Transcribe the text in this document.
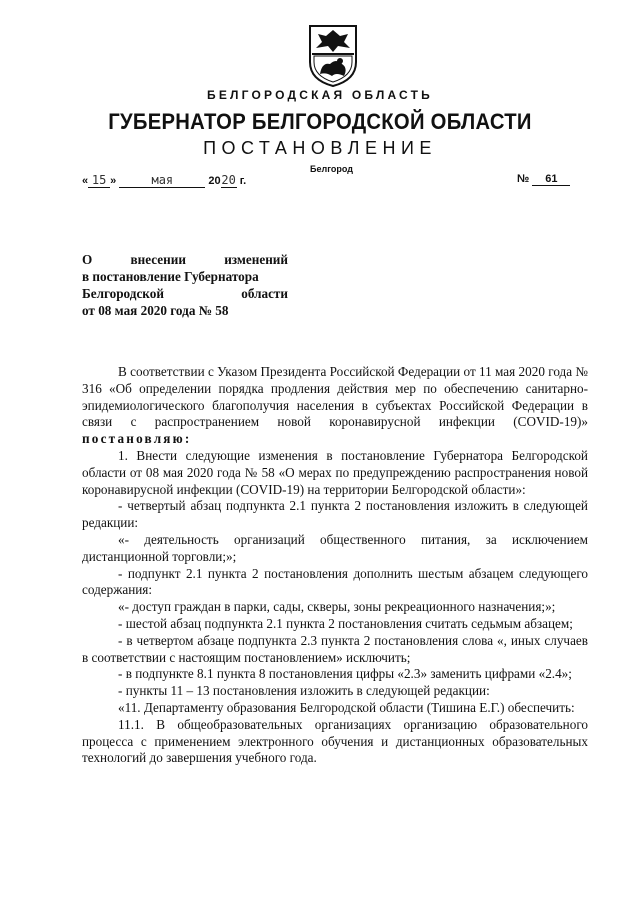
БЕЛГОРОДСКАЯ ОБЛАСТЬ
ГУБЕРНАТОР БЕЛГОРОДСКОЙ ОБЛАСТИ
ПОСТАНОВЛЕНИЕ
Белгород
« 15 »	мая	2020 г.	№ 61
О	внесении	изменений
в постановление Губернатора
Белгородской	области
от 08 мая 2020 года № 58

В соответствии с Указом Президента Российской Федерации от 11 мая 2020 года № 316 «Об определении порядка продления действия мер по обеспечению санитарно-эпидемиологического благополучия населения в субъектах Российской Федерации в связи с распространением новой коронавирусной инфекции (COVID-19)» постановляю:

1. Внести следующие изменения в постановление Губернатора Белгородской области от 08 мая 2020 года № 58 «О мерах по предупреждению распространения новой коронавирусной инфекции (COVID-19) на территории Белгородской области»:

- четвертый абзац подпункта 2.1 пункта 2 постановления изложить в следующей редакции:

«- деятельность организаций общественного питания, за исключением дистанционной торговли;»;

- подпункт 2.1 пункта 2 постановления дополнить шестым абзацем следующего содержания:

«- доступ граждан в парки, сады, скверы, зоны рекреационного назначения;»;

- шестой абзац подпункта 2.1 пункта 2 постановления считать седьмым абзацем;

- в четвертом абзаце подпункта 2.3 пункта 2 постановления слова «, иных случаев в соответствии с настоящим постановлением» исключить;

- в подпункте 8.1 пункта 8 постановления цифры «2.3» заменить цифрами «2.4»;

- пункты 11 – 13 постановления изложить в следующей редакции:

«11. Департаменту образования Белгородской области (Тишина Е.Г.) обеспечить:

11.1. В общеобразовательных организациях организацию образовательного процесса с применением электронного обучения и дистанционных образовательных технологий до завершения учебного года.
